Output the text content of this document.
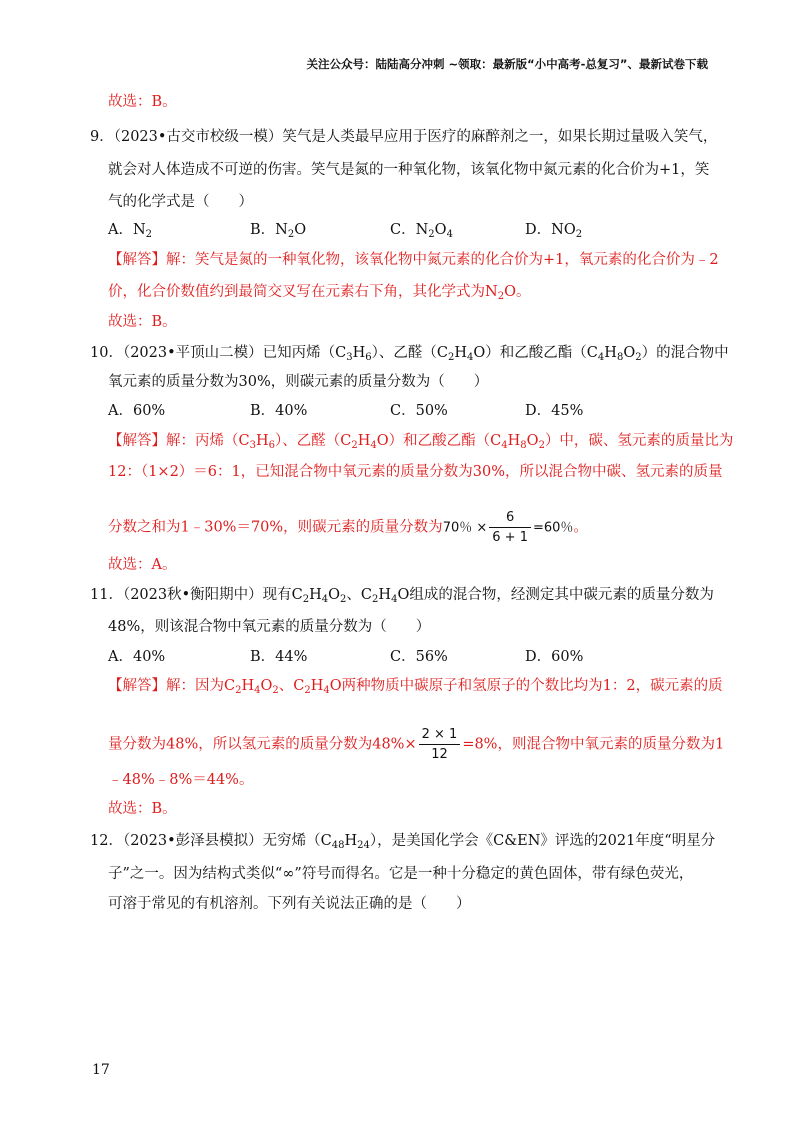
关注公众号：陆陆高分冲刺 ~领取：最新版“小中高考-总复习”、最新试卷下载
故选：B。
9．（2023•古交市校级一模）笑气是人类最早应用于医疗的麻醉剂之一，如果长期过量吸入笑气，
就会对人体造成不可逆的伤害。笑气是氮的一种氧化物，该氧化物中氮元素的化合价为+1，笑
气的化学式是（　　）
A．$N_2$	B．$N_2O$	C．$N_2O_4$	D．$NO_2$
【解答】解：笑气是氮的一种氧化物，该氧化物中氮元素的化合价为+1，氧元素的化合价为﹣2
价，化合价数值约到最简交叉写在元素右下角，其化学式为$N_2O$。
故选：B。
10．（2023•平顶山二模）已知丙烯$(C_3H_6)$、乙醛$(C_2H_4O)$和乙酸乙酯$(C_4H_8O_2)$的混合物中
氧元素的质量分数为30%，则碳元素的质量分数为（　　）
A．60%	B．40%	C．50%	D．45%
【解答】解：丙烯$(C_3H_6)$、乙醛$(C_2H_4O)$和乙酸乙酯$(C_4H_8O_2)$中，碳、氢元素的质量比为
12：（1×2）＝6：1，已知混合物中氧元素的质量分数为30%，所以混合物中碳、氢元素的质量
分数之和为1﹣30%＝70%，则碳元素的质量分数为70％ × $\frac{6}{6 + 1} =60$％。
故选：A。
11．（2023秋•衡阳期中）现有$C_2H_4O_2$、$C_2H_4O$组成的混合物，经测定其中碳元素的质量分数为
48%，则该混合物中氧元素的质量分数为（　　）
A．40%	B．44%	C．56%	D．60%
【解答】解：因为$C_2H_4O_2$、$C_2H_4O$两种物质中碳原子和氢原子的个数比均为1：2，碳元素的质
量分数为48%，所以氢元素的质量分数为$48\%\times \frac{2 \times 1}{12} =8\%$，则混合物中氧元素的质量分数为1
﹣48%﹣8%＝44%。
故选：B。
12．（2023•彭泽县模拟）无穷烯$(C_{48}H_{24})$，是美国化学会《C&EN》评选的2021年度“明星分
子”之一。因为结构式类似“∞”符号而得名。它是一种十分稳定的黄色固体，带有绿色荧光，
可溶于常见的有机溶剂。下列有关说法正确的是（　　）
17
